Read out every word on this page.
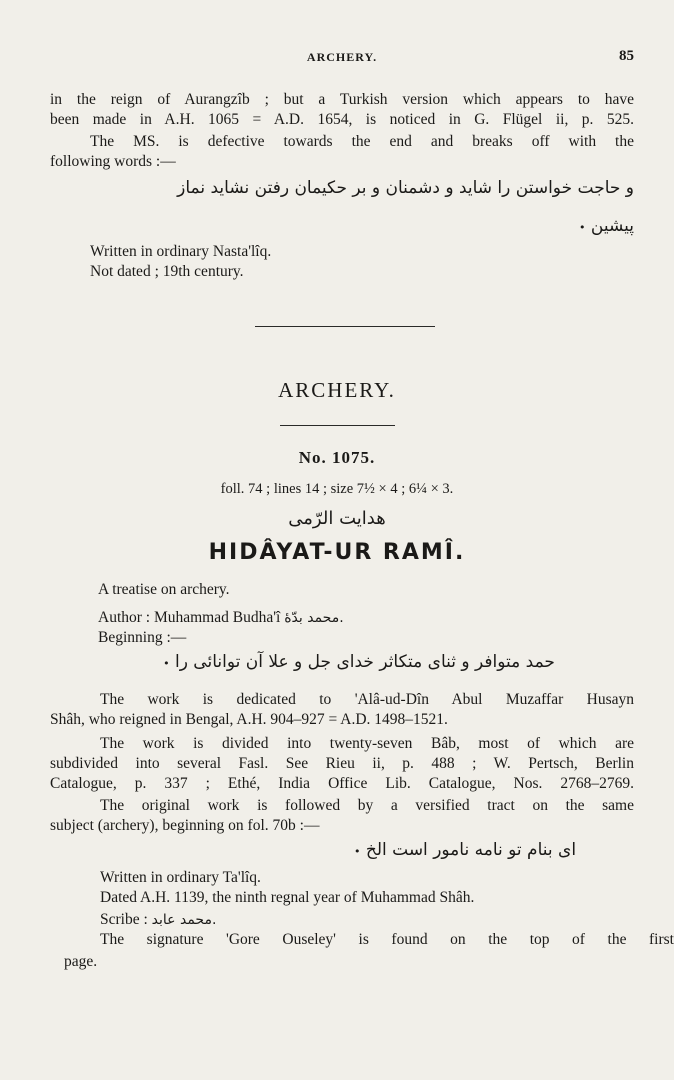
ARCHERY.	85
in the reign of Aurangzîb ; but a Turkish version which appears to have
been made in A.H. 1065 = A.D. 1654, is noticed in G. Flügel ii, p. 525.
The MS. is defective towards the end and breaks off with the
following words :—
و حاجت خواستن را شاید و دشمنان و بر حکیمان رفتن نشاید نماز
پیشین •
Written in ordinary Nasta'lîq.
Not dated ; 19th century.
ARCHERY.
No. 1075.
foll. 74 ; lines 14 ; size 7½ × 4 ; 6¼ × 3.
هدايت الرّمى
HIDÂYAT-UR RAMÎ.
A treatise on archery.
Author : Muhammad Budha'î محمد بدّهٔ.
Beginning :—
حمد متوافر و ثنای متکاثر خدای جل و علا آن توانائی را •
The work is dedicated to 'Alâ-ud-Dîn Abul Muzaffar Husayn
Shâh, who reigned in Bengal, A.H. 904–927 = A.D. 1498–1521.
The work is divided into twenty-seven Bâb, most of which are
subdivided into several Fasl. See Rieu ii, p. 488 ; W. Pertsch, Berlin
Catalogue, p. 337 ; Ethé, India Office Lib. Catalogue, Nos. 2768–2769.
The original work is followed by a versified tract on the same
subject (archery), beginning on fol. 70b :—
ای بنام تو نامه نامور است الخ •
Written in ordinary Ta'lîq.
Dated A.H. 1139, the ninth regnal year of Muhammad Shâh.
Scribe : محمد عابد.
The signature 'Gore Ouseley' is found on the top of the first
page.
